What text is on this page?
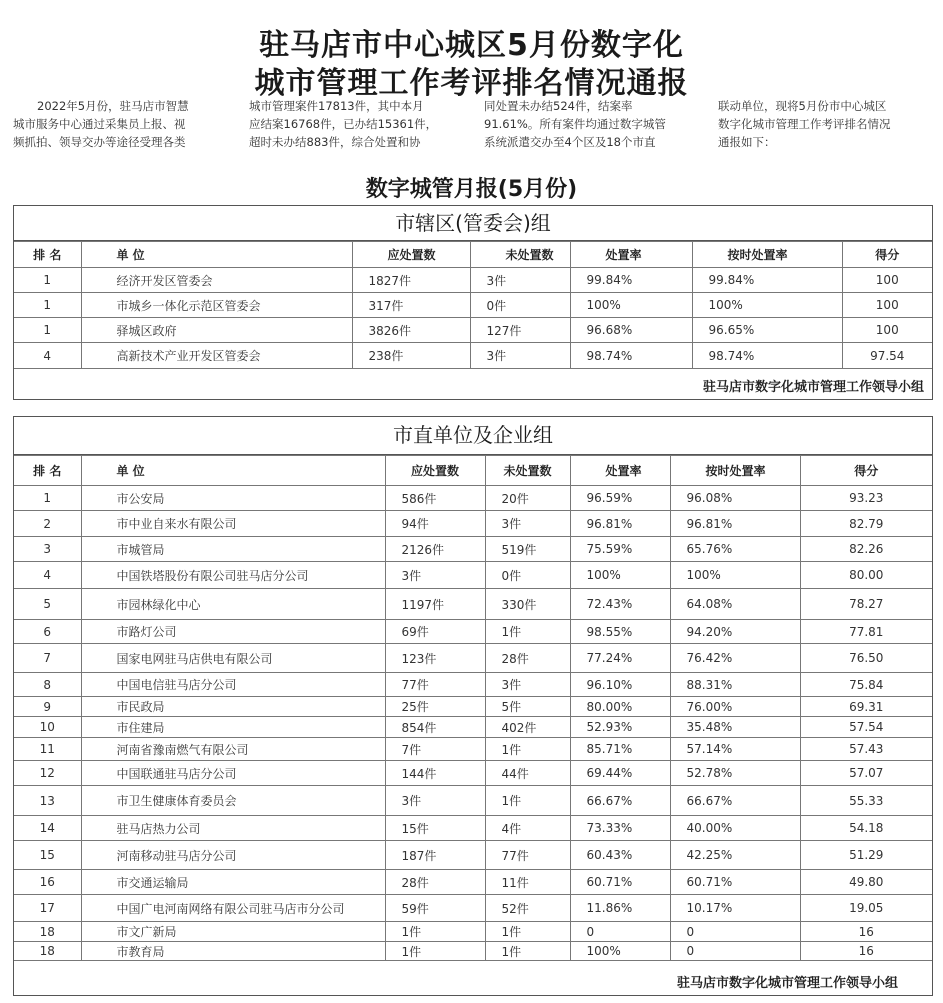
驻马店市中心城区5月份数字化
城市管理工作考评排名情况通报
2022年5月份，驻马店市智慧
城市服务中心通过采集员上报、视
频抓拍、领导交办等途径受理各类
城市管理案件17813件，其中本月
应结案16768件，已办结15361件，
超时未办结883件，综合处置和协
同处置未办结524件，结案率
91.61%。所有案件均通过数字城管
系统派遣交办至4个区及18个市直
联动单位，现将5月份市中心城区
数字化城市管理工作考评排名情况
通报如下：
数字城管月报(5月份)
市辖区(管委会)组
排 名	单 位	应处置数	未处置数	处置率	按时处置率	得分
1	经济开发区管委会	1827件	3件	99.84%	99.84%	100
1	市城乡一体化示范区管委会	317件	0件	100%	100%	100
1	驿城区政府	3826件	127件	96.68%	96.65%	100
4	高新技术产业开发区管委会	238件	3件	98.74%	98.74%	97.54
驻马店市数字化城市管理工作领导小组
市直单位及企业组
排 名	单 位	应处置数	未处置数	处置率	按时处置率	得分
1	市公安局	586件	20件	96.59%	96.08%	93.23
2	市中业自来水有限公司	94件	3件	96.81%	96.81%	82.79
3	市城管局	2126件	519件	75.59%	65.76%	82.26
4	中国铁塔股份有限公司驻马店分公司	3件	0件	100%	100%	80.00
5	市园林绿化中心	1197件	330件	72.43%	64.08%	78.27
6	市路灯公司	69件	1件	98.55%	94.20%	77.81
7	国家电网驻马店供电有限公司	123件	28件	77.24%	76.42%	76.50
8	中国电信驻马店分公司	77件	3件	96.10%	88.31%	75.84
9	市民政局	25件	5件	80.00%	76.00%	69.31
10	市住建局	854件	402件	52.93%	35.48%	57.54
11	河南省豫南燃气有限公司	7件	1件	85.71%	57.14%	57.43
12	中国联通驻马店分公司	144件	44件	69.44%	52.78%	57.07
13	市卫生健康体育委员会	3件	1件	66.67%	66.67%	55.33
14	驻马店热力公司	15件	4件	73.33%	40.00%	54.18
15	河南移动驻马店分公司	187件	77件	60.43%	42.25%	51.29
16	市交通运输局	28件	11件	60.71%	60.71%	49.80
17	中国广电河南网络有限公司驻马店市分公司	59件	52件	11.86%	10.17%	19.05
18	市文广新局	1件	1件	0	0	16
18	市教育局	1件	1件	100%	0	16
驻马店市数字化城市管理工作领导小组
